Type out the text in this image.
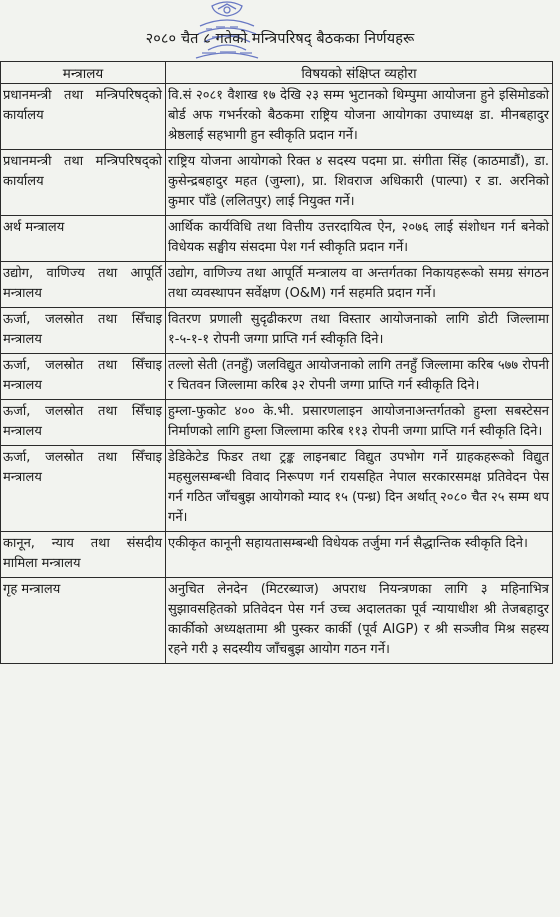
२०८० चैत ८ गतेको मन्त्रिपरिषद् बैठकका निर्णयहरू
मन्त्रालय	विषयको संक्षिप्त व्यहोरा
प्रधानमन्त्री तथा मन्त्रिपरिषद्को कार्यालय	वि.सं २०८१ वैशाख १७ देखि २३ सम्म भुटानको थिम्पुमा आयोजना हुने इसिमोडको बोर्ड अफ गभर्नरको बैठकमा राष्ट्रिय योजना आयोगका उपाध्यक्ष डा. मीनबहादुर श्रेष्ठलाई सहभागी हुन स्वीकृति प्रदान गर्ने।
प्रधानमन्त्री तथा मन्त्रिपरिषद्को कार्यालय	राष्ट्रिय योजना आयोगको रिक्त ४ सदस्य पदमा प्रा. संगीता सिंह (काठमाडौं), डा. कुसेन्द्रबहादुर महत (जुम्ला), प्रा. शिवराज अधिकारी (पाल्पा) र डा. अरनिको कुमार पाँडे (ललितपुर) लाई नियुक्त गर्ने।
अर्थ मन्त्रालय	आर्थिक कार्यविधि तथा वित्तीय उत्तरदायित्व ऐन, २०७६ लाई संशोधन गर्न बनेको विधेयक सङ्घीय संसदमा पेश गर्न स्वीकृति प्रदान गर्ने।
उद्योग, वाणिज्य तथा आपूर्ति मन्त्रालय	उद्योग, वाणिज्य तथा आपूर्ति मन्त्रालय वा अन्तर्गतका निकायहरूको समग्र संगठन तथा व्यवस्थापन सर्वेक्षण (O&M) गर्न सहमति प्रदान गर्ने।
ऊर्जा, जलस्रोत तथा सिँचाइ मन्त्रालय	वितरण प्रणाली सुदृढीकरण तथा विस्तार आयोजनाको लागि डोटी जिल्लामा १-५-१-१ रोपनी जग्गा प्राप्ति गर्न स्वीकृति दिने।
ऊर्जा, जलस्रोत तथा सिँचाइ मन्त्रालय	तल्लो सेती (तनहुँ) जलविद्युत आयोजनाको लागि तनहुँ जिल्लामा करिब ५७७ रोपनी र चितवन जिल्लामा करिब ३२ रोपनी जग्गा प्राप्ति गर्न स्वीकृति दिने।
ऊर्जा, जलस्रोत तथा सिँचाइ मन्त्रालय	हुम्ला-फुकोट ४०० के.भी. प्रसारणलाइन आयोजनाअन्तर्गतको हुम्ला सबस्टेसन निर्माणको लागि हुम्ला जिल्लामा करिब ११३ रोपनी जग्गा प्राप्ति गर्न स्वीकृति दिने।
ऊर्जा, जलस्रोत तथा सिँचाइ मन्त्रालय	डेडिकेटेड फिडर तथा ट्रङ्क लाइनबाट विद्युत उपभोग गर्ने ग्राहकहरूको विद्युत महसुलसम्बन्धी विवाद निरूपण गर्न रायसहित नेपाल सरकारसमक्ष प्रतिवेदन पेस गर्न गठित जाँचबुझ आयोगको म्याद १५ (पन्ध्र) दिन अर्थात् २०८० चैत २५ सम्म थप गर्ने।
कानून, न्याय तथा संसदीय मामिला मन्त्रालय	एकीकृत कानूनी सहायतासम्बन्धी विधेयक तर्जुमा गर्न सैद्धान्तिक स्वीकृति दिने।
गृह मन्त्रालय	अनुचित लेनदेन (मिटरब्याज) अपराध नियन्त्रणका लागि ३ महिनाभित्र सुझावसहितको प्रतिवेदन पेस गर्न उच्च अदालतका पूर्व न्यायाधीश श्री तेजबहादुर कार्कीको अध्यक्षतामा श्री पुस्कर कार्की (पूर्व AIGP) र श्री सञ्जीव मिश्र सहस्य रहने गरी ३ सदस्यीय जाँचबुझ आयोग गठन गर्ने।
